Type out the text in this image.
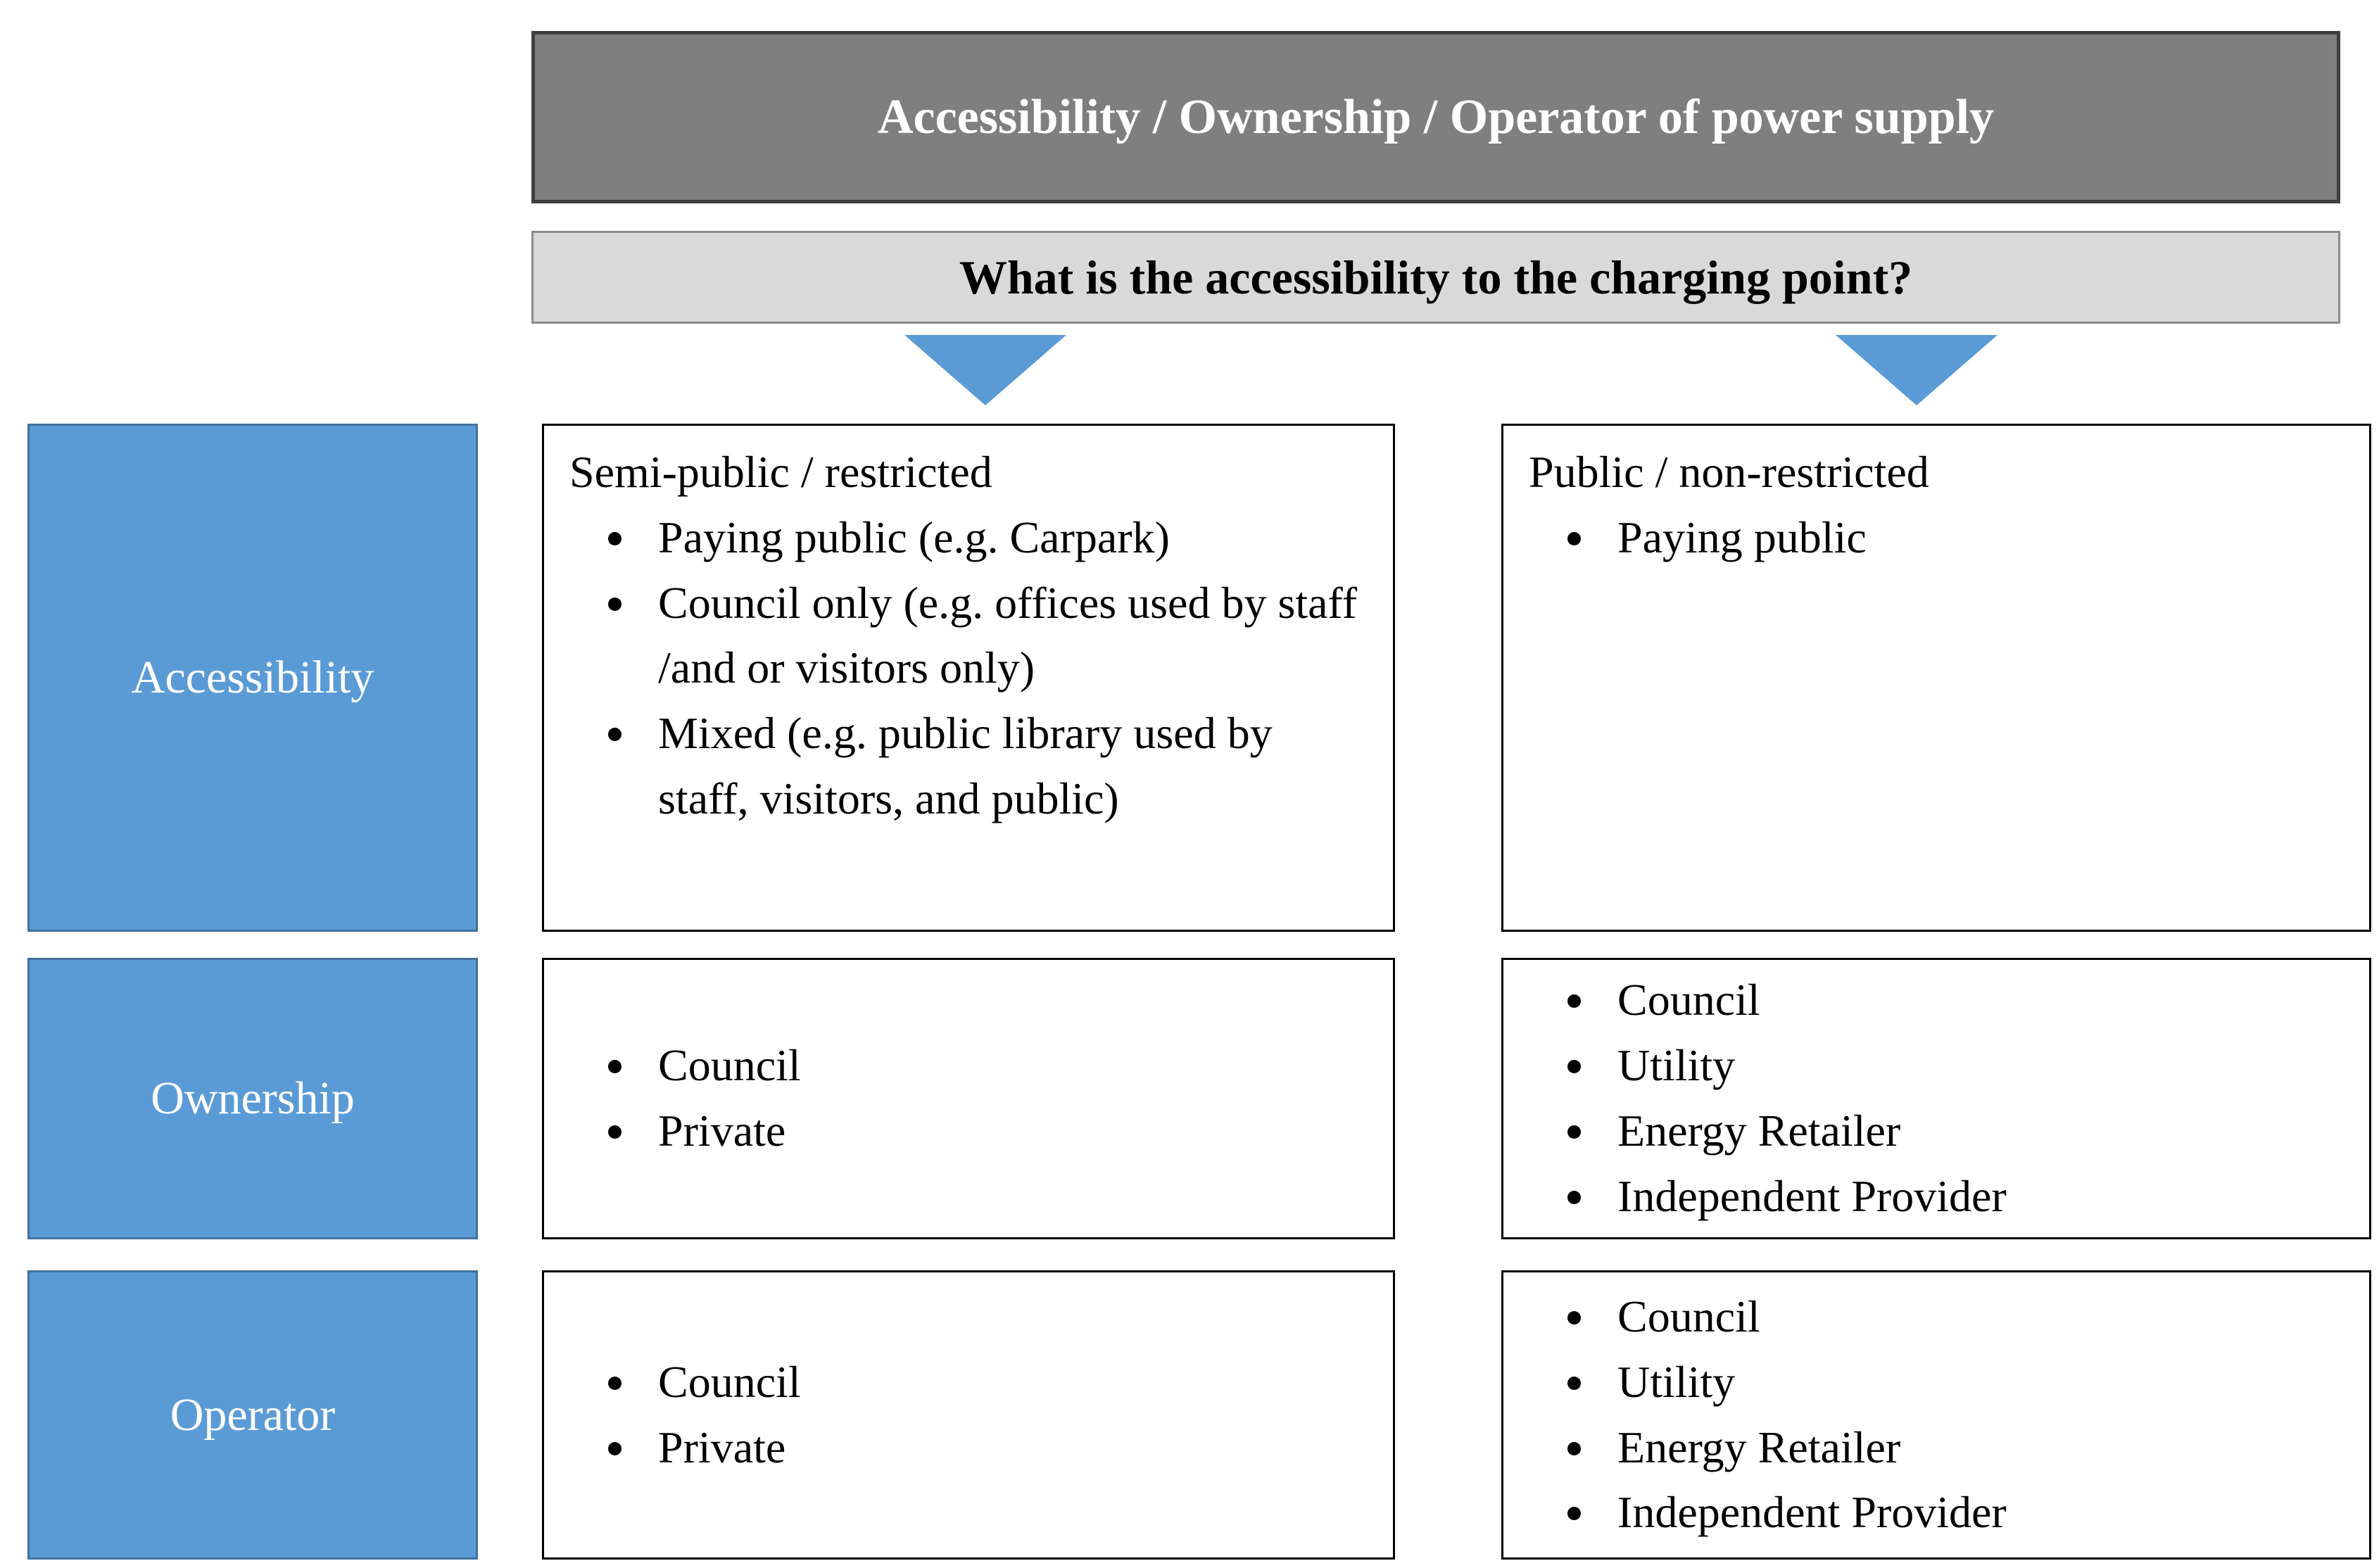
Accessibility / Ownership / Operator of power supply
What is the accessibility to the charging point?
Accessibility
Ownership
Operator
Semi-public / restricted
• Paying public (e.g. Carpark)
• Council only (e.g. offices used by staff /and or visitors only)
• Mixed (e.g. public library used by staff, visitors, and public)
• Council
• Private
• Council
• Private
Public / non-restricted
• Paying public
• Council
• Utility
• Energy Retailer
• Independent Provider
• Council
• Utility
• Energy Retailer
• Independent Provider
